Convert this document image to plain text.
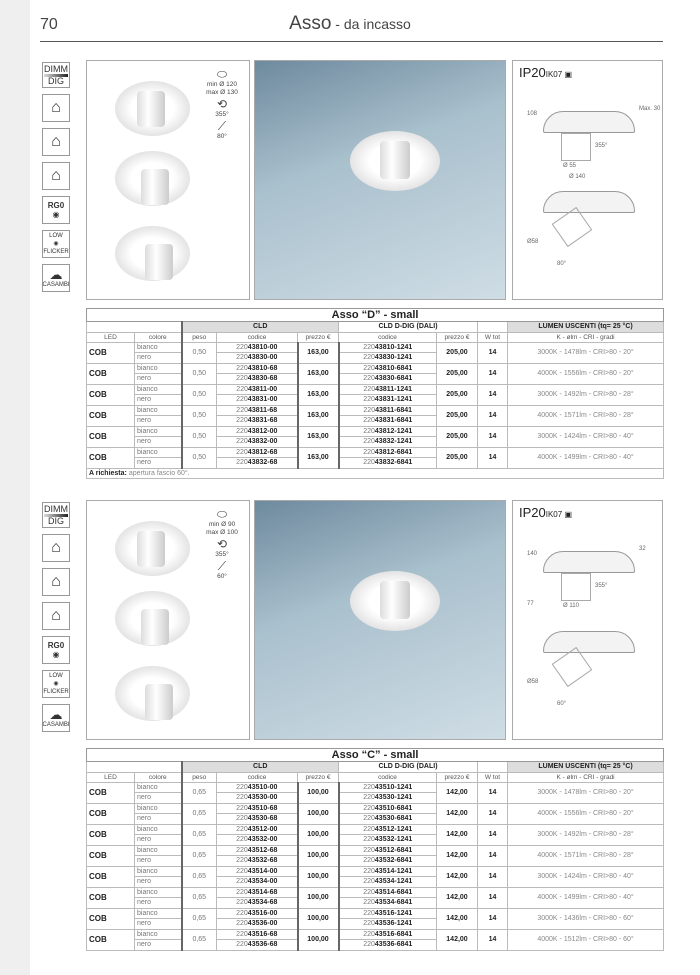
70	Asso - da incasso
DIMM
DIG
⌂
⌂
⌂
RG0
◉
LOW
◉
FLICKER
☁
CASAMBI
⬭
min Ø 120
max Ø 130
⟲
355°
⟋
80°
IP20IK07 ▣
108
Max. 30
355°
Ø 55
Ø 140
Ø58
80°
Asso “D” - small								
		CLD			CLD D-DIG (DALI)			LUMEN USCENTI (tq= 25 °C)
LED	colore	peso	codice	prezzo €	codice	prezzo €	W tot	K - ølm - CRI - gradi
COB	bianco	0,50	22043810-00	163,00	22043810-1241	205,00	14	3000K - 1478lm - CRI>80 - 20°
	nero		22043830-00		22043830-1241			
COB	bianco	0,50	22043810-68	163,00	22043810-6841	205,00	14	4000K - 1556lm - CRI>80 - 20°
	nero		22043830-68		22043830-6841			
COB	bianco	0,50	22043811-00	163,00	22043811-1241	205,00	14	3000K - 1492lm - CRI>80 - 28°
	nero		22043831-00		22043831-1241			
COB	bianco	0,50	22043811-68	163,00	22043811-6841	205,00	14	4000K - 1571lm - CRI>80 - 28°
	nero		22043831-68		22043831-6841			
COB	bianco	0,50	22043812-00	163,00	22043812-1241	205,00	14	3000K - 1424lm - CRI>80 - 40°
	nero		22043832-00		22043832-1241			
COB	bianco	0,50	22043812-68	163,00	22043812-6841	205,00	14	4000K - 1499lm - CRI>80 - 40°
	nero		22043832-68		22043832-6841			
A richiesta: apertura fascio 60°.								
DIMM
DIG
⌂
⌂
⌂
RG0
◉
LOW
◉
FLICKER
☁
CASAMBI
⬭
min Ø 90
max Ø 100
⟲
355°
⟋
60°
IP20IK07 ▣
140
32
355°
Ø 110
77
Ø58
60°
Asso “C” - small								
		CLD			CLD D-DIG (DALI)			LUMEN USCENTI (tq= 25 °C)
LED	colore	peso	codice	prezzo €	codice	prezzo €	W tot	K - ølm - CRI - gradi
COB	bianco	0,65	22043510-00	100,00	22043510-1241	142,00	14	3000K - 1478lm - CRI>80 - 20°
	nero		22043530-00		22043530-1241			
COB	bianco	0,65	22043510-68	100,00	22043510-6841	142,00	14	4000K - 1556lm - CRI>80 - 20°
	nero		22043530-68		22043530-6841			
COB	bianco	0,65	22043512-00	100,00	22043512-1241	142,00	14	3000K - 1492lm - CRI>80 - 28°
	nero		22043532-00		22043532-1241			
COB	bianco	0,65	22043512-68	100,00	22043512-6841	142,00	14	4000K - 1571lm - CRI>80 - 28°
	nero		22043532-68		22043532-6841			
COB	bianco	0,65	22043514-00	100,00	22043514-1241	142,00	14	3000K - 1424lm - CRI>80 - 40°
	nero		22043534-00		22043534-1241			
COB	bianco	0,65	22043514-68	100,00	22043514-6841	142,00	14	4000K - 1499lm - CRI>80 - 40°
	nero		22043534-68		22043534-6841			
COB	bianco	0,65	22043516-00	100,00	22043516-1241	142,00	14	3000K - 1436lm - CRI>80 - 60°
	nero		22043536-00		22043536-1241			
COB	bianco	0,65	22043516-68	100,00	22043516-6841	142,00	14	4000K - 1512lm - CRI>80 - 60°
	nero		22043536-68		22043536-6841			
